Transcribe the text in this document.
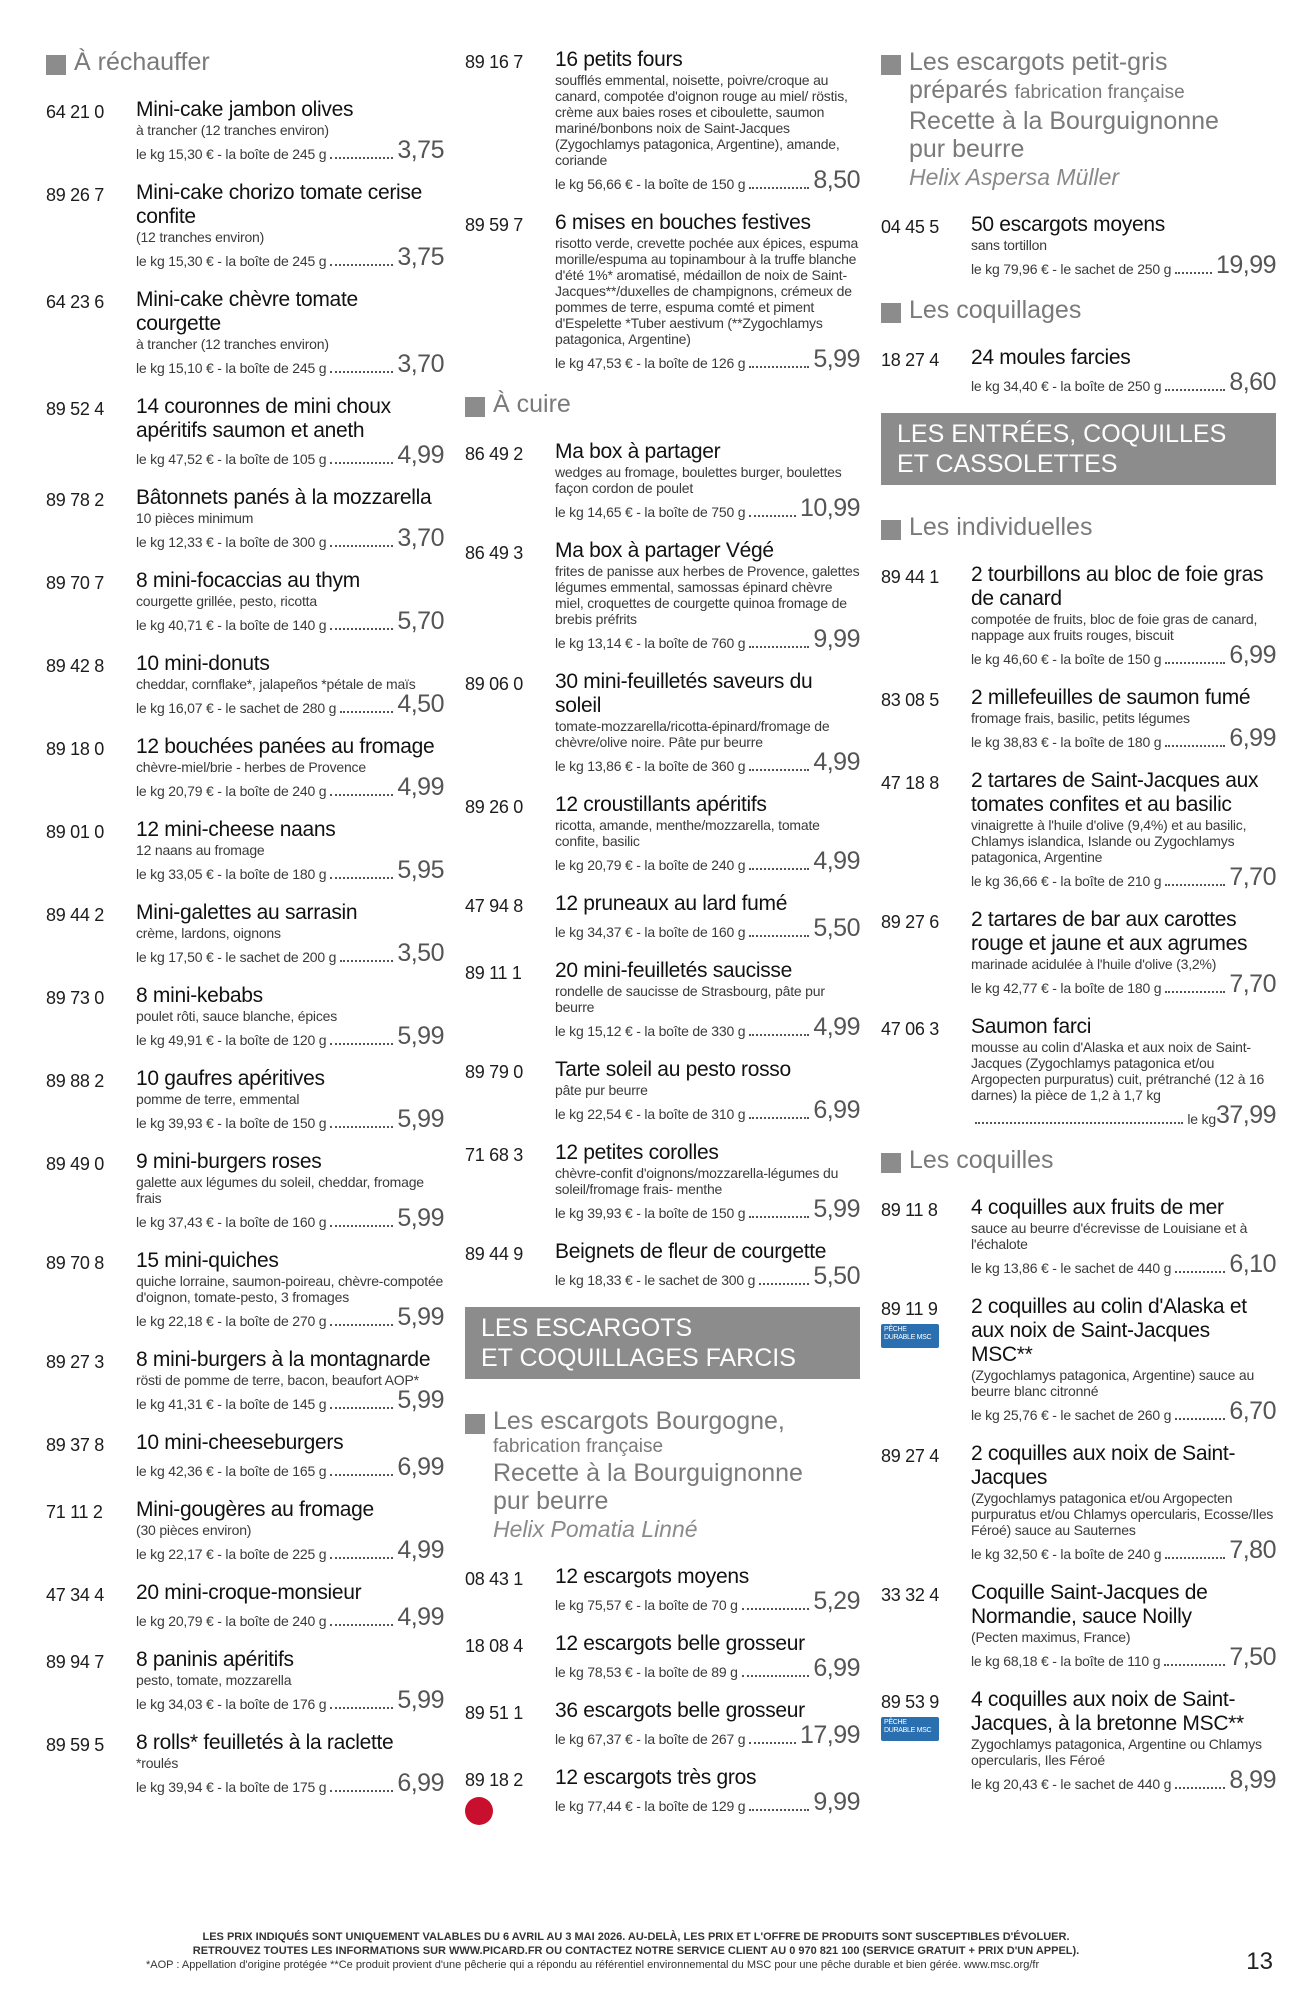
À réchauffer
64 21 0	Mini-cake jambon olives
à trancher (12 tranches environ)
le kg 15,30 € - la boîte de 245 g	3,75
89 26 7	Mini-cake chorizo tomate cerise confite
(12 tranches environ)
le kg 15,30 € - la boîte de 245 g	3,75
64 23 6	Mini-cake chèvre tomate courgette
à trancher (12 tranches environ)
le kg 15,10 € - la boîte de 245 g	3,70
89 52 4	14 couronnes de mini choux apéritifs saumon et aneth
le kg 47,52 € - la boîte de 105 g	4,99
89 78 2	Bâtonnets panés à la mozzarella
10 pièces minimum
le kg 12,33 € - la boîte de 300 g	3,70
89 70 7	8 mini-focaccias au thym
courgette grillée, pesto, ricotta
le kg 40,71 € - la boîte de 140 g	5,70
89 42 8	10 mini-donuts
cheddar, cornflake*, jalapeños *pétale de maïs
le kg 16,07 € - le sachet de 280 g 4,50
89 18 0	12 bouchées panées au fromage
chèvre-miel/brie - herbes de Provence
le kg 20,79 € - la boîte de 240 g	4,99
89 01 0	12 mini-cheese naans
12 naans au fromage
le kg 33,05 € - la boîte de 180 g	5,95
89 44 2	Mini-galettes au sarrasin
crème, lardons, oignons
le kg 17,50 € - le sachet de 200 g 3,50
89 73 0	8 mini-kebabs
poulet rôti, sauce blanche, épices
le kg 49,91 € - la boîte de 120 g	5,99
89 88 2	10 gaufres apéritives
pomme de terre, emmental
le kg 39,93 € - la boîte de 150 g	5,99
89 49 0	9 mini-burgers roses
galette aux légumes du soleil, cheddar, fromage frais
le kg 37,43 € - la boîte de 160 g	5,99
89 70 8	15 mini-quiches
quiche lorraine, saumon-poireau, chèvre-compotée d'oignon, tomate-pesto, 3 fromages
le kg 22,18 € - la boîte de 270 g	5,99
89 27 3	8 mini-burgers à la montagnarde
rösti de pomme de terre, bacon, beaufort AOP*
le kg 41,31 € - la boîte de 145 g	5,99
89 37 8	10 mini-cheeseburgers
le kg 42,36 € - la boîte de 165 g	6,99
71 11 2	Mini-gougères au fromage
(30 pièces environ)
le kg 22,17 € - la boîte de 225 g	4,99
47 34 4	20 mini-croque-monsieur
le kg 20,79 € - la boîte de 240 g	4,99
89 94 7	8 paninis apéritifs
pesto, tomate, mozzarella
le kg 34,03 € - la boîte de 176 g	5,99
89 59 5	8 rolls* feuilletés à la raclette
*roulés
le kg 39,94 € - la boîte de 175 g	6,99
89 16 7	16 petits fours
soufflés emmental, noisette, poivre/croque au canard, compotée d'oignon rouge au miel/ röstis, crème aux baies roses et ciboulette, saumon mariné/bonbons noix de Saint-Jacques (Zygochlamys patagonica, Argentine), amande, coriande
le kg 56,66 € - la boîte de 150 g	8,50
89 59 7	6 mises en bouches festives
risotto verde, crevette pochée aux épices, espuma morille/espuma au topinambour à la truffe blanche d'été 1%* aromatisé, médaillon de noix de Saint-Jacques**/duxelles de champignons, crémeux de pommes de terre, espuma comté et piment d'Espelette *Tuber aestivum (**Zygochlamys patagonica, Argentine)
le kg 47,53 € - la boîte de 126 g	5,99
À cuire
86 49 2	Ma box à partager
wedges au fromage, boulettes burger, boulettes façon cordon de poulet
le kg 14,65 € - la boîte de 750 g 10,99
86 49 3	Ma box à partager Végé
frites de panisse aux herbes de Provence, galettes légumes emmental, samossas épinard chèvre miel, croquettes de courgette quinoa fromage de brebis préfrits
le kg 13,14 € - la boîte de 760 g	9,99
89 06 0	30 mini-feuilletés saveurs du soleil
tomate-mozzarella/ricotta-épinard/fromage de chèvre/olive noire. Pâte pur beurre
le kg 13,86 € - la boîte de 360 g	4,99
89 26 0	12 croustillants apéritifs
ricotta, amande, menthe/mozzarella, tomate confite, basilic
le kg 20,79 € - la boîte de 240 g	4,99
47 94 8	12 pruneaux au lard fumé
le kg 34,37 € - la boîte de 160 g	5,50
89 11 1	20 mini-feuilletés saucisse
rondelle de saucisse de Strasbourg, pâte pur beurre
le kg 15,12 € - la boîte de 330 g	4,99
89 79 0	Tarte soleil au pesto rosso
pâte pur beurre
le kg 22,54 € - la boîte de 310 g	6,99
71 68 3	12 petites corolles
chèvre-confit d'oignons/mozzarella-légumes du soleil/fromage frais- menthe
le kg 39,93 € - la boîte de 150 g	5,99
89 44 9	Beignets de fleur de courgette
le kg 18,33 € - le sachet de 300 g 5,50
LES ESCARGOTS
ET COQUILLAGES FARCIS
Les escargots Bourgogne,
fabrication française
Recette à la Bourguignonne
pur beurre
Helix Pomatia Linné
08 43 1	12 escargots moyens
le kg 75,57 € - la boîte de 70 g	5,29
18 08 4	12 escargots belle grosseur
le kg 78,53 € - la boîte de 89 g	6,99
89 51 1	36 escargots belle grosseur
le kg 67,37 € - la boîte de 267 g 17,99
89 18 2	12 escargots très gros
le kg 77,44 € - la boîte de 129 g	9,99
Les escargots petit-gris
préparés fabrication française
Recette à la Bourguignonne
pur beurre
Helix Aspersa Müller
04 45 5	50 escargots moyens
sans tortillon
le kg 79,96 € - le sachet de 250 g 19,99
Les coquillages
18 27 4	24 moules farcies
le kg 34,40 € - la boîte de 250 g	8,60
LES ENTRÉES, COQUILLES
ET CASSOLETTES
Les individuelles
89 44 1	2 tourbillons au bloc de foie gras de canard
compotée de fruits, bloc de foie gras de canard, nappage aux fruits rouges, biscuit
le kg 46,60 € - la boîte de 150 g	6,99
83 08 5	2 millefeuilles de saumon fumé
fromage frais, basilic, petits légumes
le kg 38,83 € - la boîte de 180 g	6,99
47 18 8	2 tartares de Saint-Jacques aux tomates confites et au basilic
vinaigrette à l'huile d'olive (9,4%) et au basilic, Chlamys islandica, Islande ou Zygochlamys patagonica, Argentine
le kg 36,66 € - la boîte de 210 g	7,70
89 27 6	2 tartares de bar aux carottes rouge et jaune et aux agrumes
marinade acidulée à l'huile d'olive (3,2%)
le kg 42,77 € - la boîte de 180 g	7,70
47 06 3	Saumon farci
mousse au colin d'Alaska et aux noix de Saint-Jacques (Zygochlamys patagonica et/ou Argopecten purpuratus) cuit, prétranché (12 à 16 darnes) la pièce de 1,2 à 1,7 kg
le kg 37,99
Les coquilles
89 11 8	4 coquilles aux fruits de mer
sauce au beurre d'écrevisse de Louisiane et à l'échalote
le kg 13,86 € - le sachet de 440 g 6,10
89 11 9
PÊCHE DURABLE MSC
2 coquilles au colin d'Alaska et aux noix de Saint-Jacques MSC**
(Zygochlamys patagonica, Argentine) sauce au beurre blanc citronné
le kg 25,76 € - le sachet de 260 g 6,70
89 27 4	2 coquilles aux noix de Saint-Jacques
(Zygochlamys patagonica et/ou Argopecten purpuratus et/ou Chlamys opercularis, Ecosse/Iles Féroé) sauce au Sauternes
le kg 32,50 € - la boîte de 240 g	7,80
33 32 4	Coquille Saint-Jacques de Normandie, sauce Noilly
(Pecten maximus, France)
le kg 68,18 € - la boîte de 110 g	7,50
89 53 9
PÊCHE DURABLE MSC
4 coquilles aux noix de Saint-Jacques, à la bretonne MSC**
Zygochlamys patagonica, Argentine ou Chlamys opercularis, Iles Féroé
le kg 20,43 € - le sachet de 440 g 8,99
LES PRIX INDIQUÉS SONT UNIQUEMENT VALABLES DU 6 AVRIL AU 3 MAI 2026. AU-DELÀ, LES PRIX ET L'OFFRE DE PRODUITS SONT SUSCEPTIBLES D'ÉVOLUER.
RETROUVEZ TOUTES LES INFORMATIONS SUR WWW.PICARD.FR OU CONTACTEZ NOTRE SERVICE CLIENT AU 0 970 821 100 (SERVICE GRATUIT + PRIX D'UN APPEL).
*AOP : Appellation d'origine protégée **Ce produit provient d'une pêcherie qui a répondu au référentiel environnemental du MSC pour une pêche durable et bien gérée. www.msc.org/fr	13
